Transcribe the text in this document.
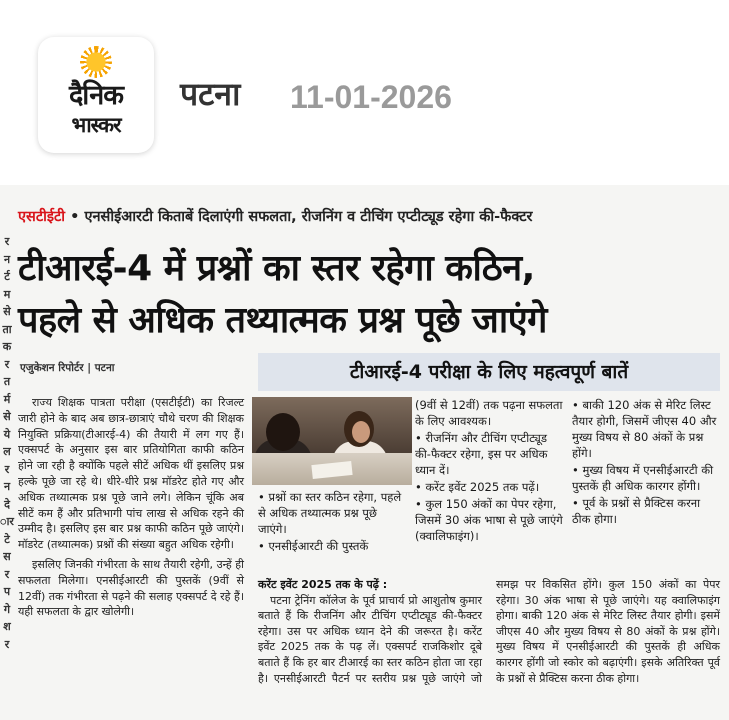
दैनिक
भास्कर
पटना 11-01-2026
र
न
र्ट
म
से
ता
क
र
त
र्म
से
ये
ल
र
न
दे
ार
टे
स
र
प
गे
श
र
एसटीईटी • एनसीईआरटी किताबें दिलाएंगी सफलता, रीजनिंग व टीचिंग एप्टीट्यूड रहेगा की-फैक्टर
टीआरई-4 में प्रश्नों का स्तर रहेगा कठिन,
पहले से अधिक तथ्यात्मक प्रश्न पूछे जाएंगे
एजुकेशन रिपोर्टर | पटना

राज्य शिक्षक पात्रता परीक्षा (एसटीईटी) का रिजल्ट जारी होने के बाद अब छात्र-छात्राएं चौथे चरण की शिक्षक नियुक्ति प्रक्रिया(टीआरई-4) की तैयारी में लग गए हैं। एक्सपर्ट के अनुसार इस बार प्रतियोगिता काफी कठिन होने जा रही है क्योंकि पहले सीटें अधिक थीं इसलिए प्रश्न हल्के पूछे जा रहे थे। धीरे-धीरे प्रश्न मॉडरेट होते गए और अधिक तथ्यात्मक प्रश्न पूछे जाने लगे। लेकिन चूंकि अब सीटें कम हैं और प्रतिभागी पांच लाख से अधिक रहने की उम्मीद है। इसलिए इस बार प्रश्न काफी कठिन पूछे जाएंगे। मॉडरेट (तथ्यात्मक) प्रश्नों की संख्या बहुत अधिक रहेगी।

इसलिए जिनकी गंभीरता के साथ तैयारी रहेगी, उन्हें ही सफलता मिलेगा। एनसीईआरटी की पुस्तकें (9वीं से 12वीं) तक गंभीरता से पढ़ने की सलाह एक्सपर्ट दे रहे हैं। यही सफलता के द्वार खोलेगी।

टीआरई-4 परीक्षा के लिए महत्वपूर्ण बातें
• प्रश्नों का स्तर कठिन रहेगा, पहले से अधिक तथ्यात्मक प्रश्न पूछे जाएंगे।
• एनसीईआरटी की पुस्तकें
(9वीं से 12वीं) तक पढ़ना सफलता के लिए आवश्यक।
• रीजनिंग और टीचिंग एप्टीट्यूड की-फैक्टर रहेगा, इस पर अधिक ध्यान दें।
• करेंट इवेंट 2025 तक पढ़ें।
• कुल 150 अंकों का पेपर रहेगा, जिसमें 30 अंक भाषा से पूछे जाएंगे (क्वालिफाइंग)।
• बाकी 120 अंक से मेरिट लिस्ट तैयार होगी, जिसमें जीएस 40 और मुख्य विषय से 80 अंकों के प्रश्न होंगे।
• मुख्य विषय में एनसीईआरटी की पुस्तकें ही अधिक कारगर होंगी।
• पूर्व के प्रश्नों से प्रैक्टिस करना ठीक होगा।

करेंट इवेंट 2025 तक के पढ़ें :

पटना ट्रेनिंग कॉलेज के पूर्व प्राचार्य प्रो आशुतोष कुमार बताते हैं कि रीजनिंग और टीचिंग एप्टीट्यूड की-फैक्टर रहेगा। उस पर अधिक ध्यान देने की जरूरत है। करेंट इवेंट 2025 तक के पढ़ लें। एक्सपर्ट राजकिशोर दूबे बताते हैं कि हर बार टीआरई का स्तर कठिन होता जा रहा है। एनसीईआरटी पैटर्न पर स्तरीय प्रश्न पूछे जाएंगे जो समझ पर विकसित होंगे। कुल 150 अंकों का पेपर रहेगा। 30 अंक भाषा से पूछे जाएंगे। यह क्वालिफाइंग होगा। बाकी 120 अंक से मेरिट लिस्ट तैयार होगी। इसमें जीएस 40 और मुख्य विषय से 80 अंकों के प्रश्न होंगे। मुख्य विषय में एनसीईआरटी की पुस्तकें ही अधिक कारगर होंगी जो स्कोर को बढ़ाएंगी। इसके अतिरिक्त पूर्व के प्रश्नों से प्रैक्टिस करना ठीक होगा।
